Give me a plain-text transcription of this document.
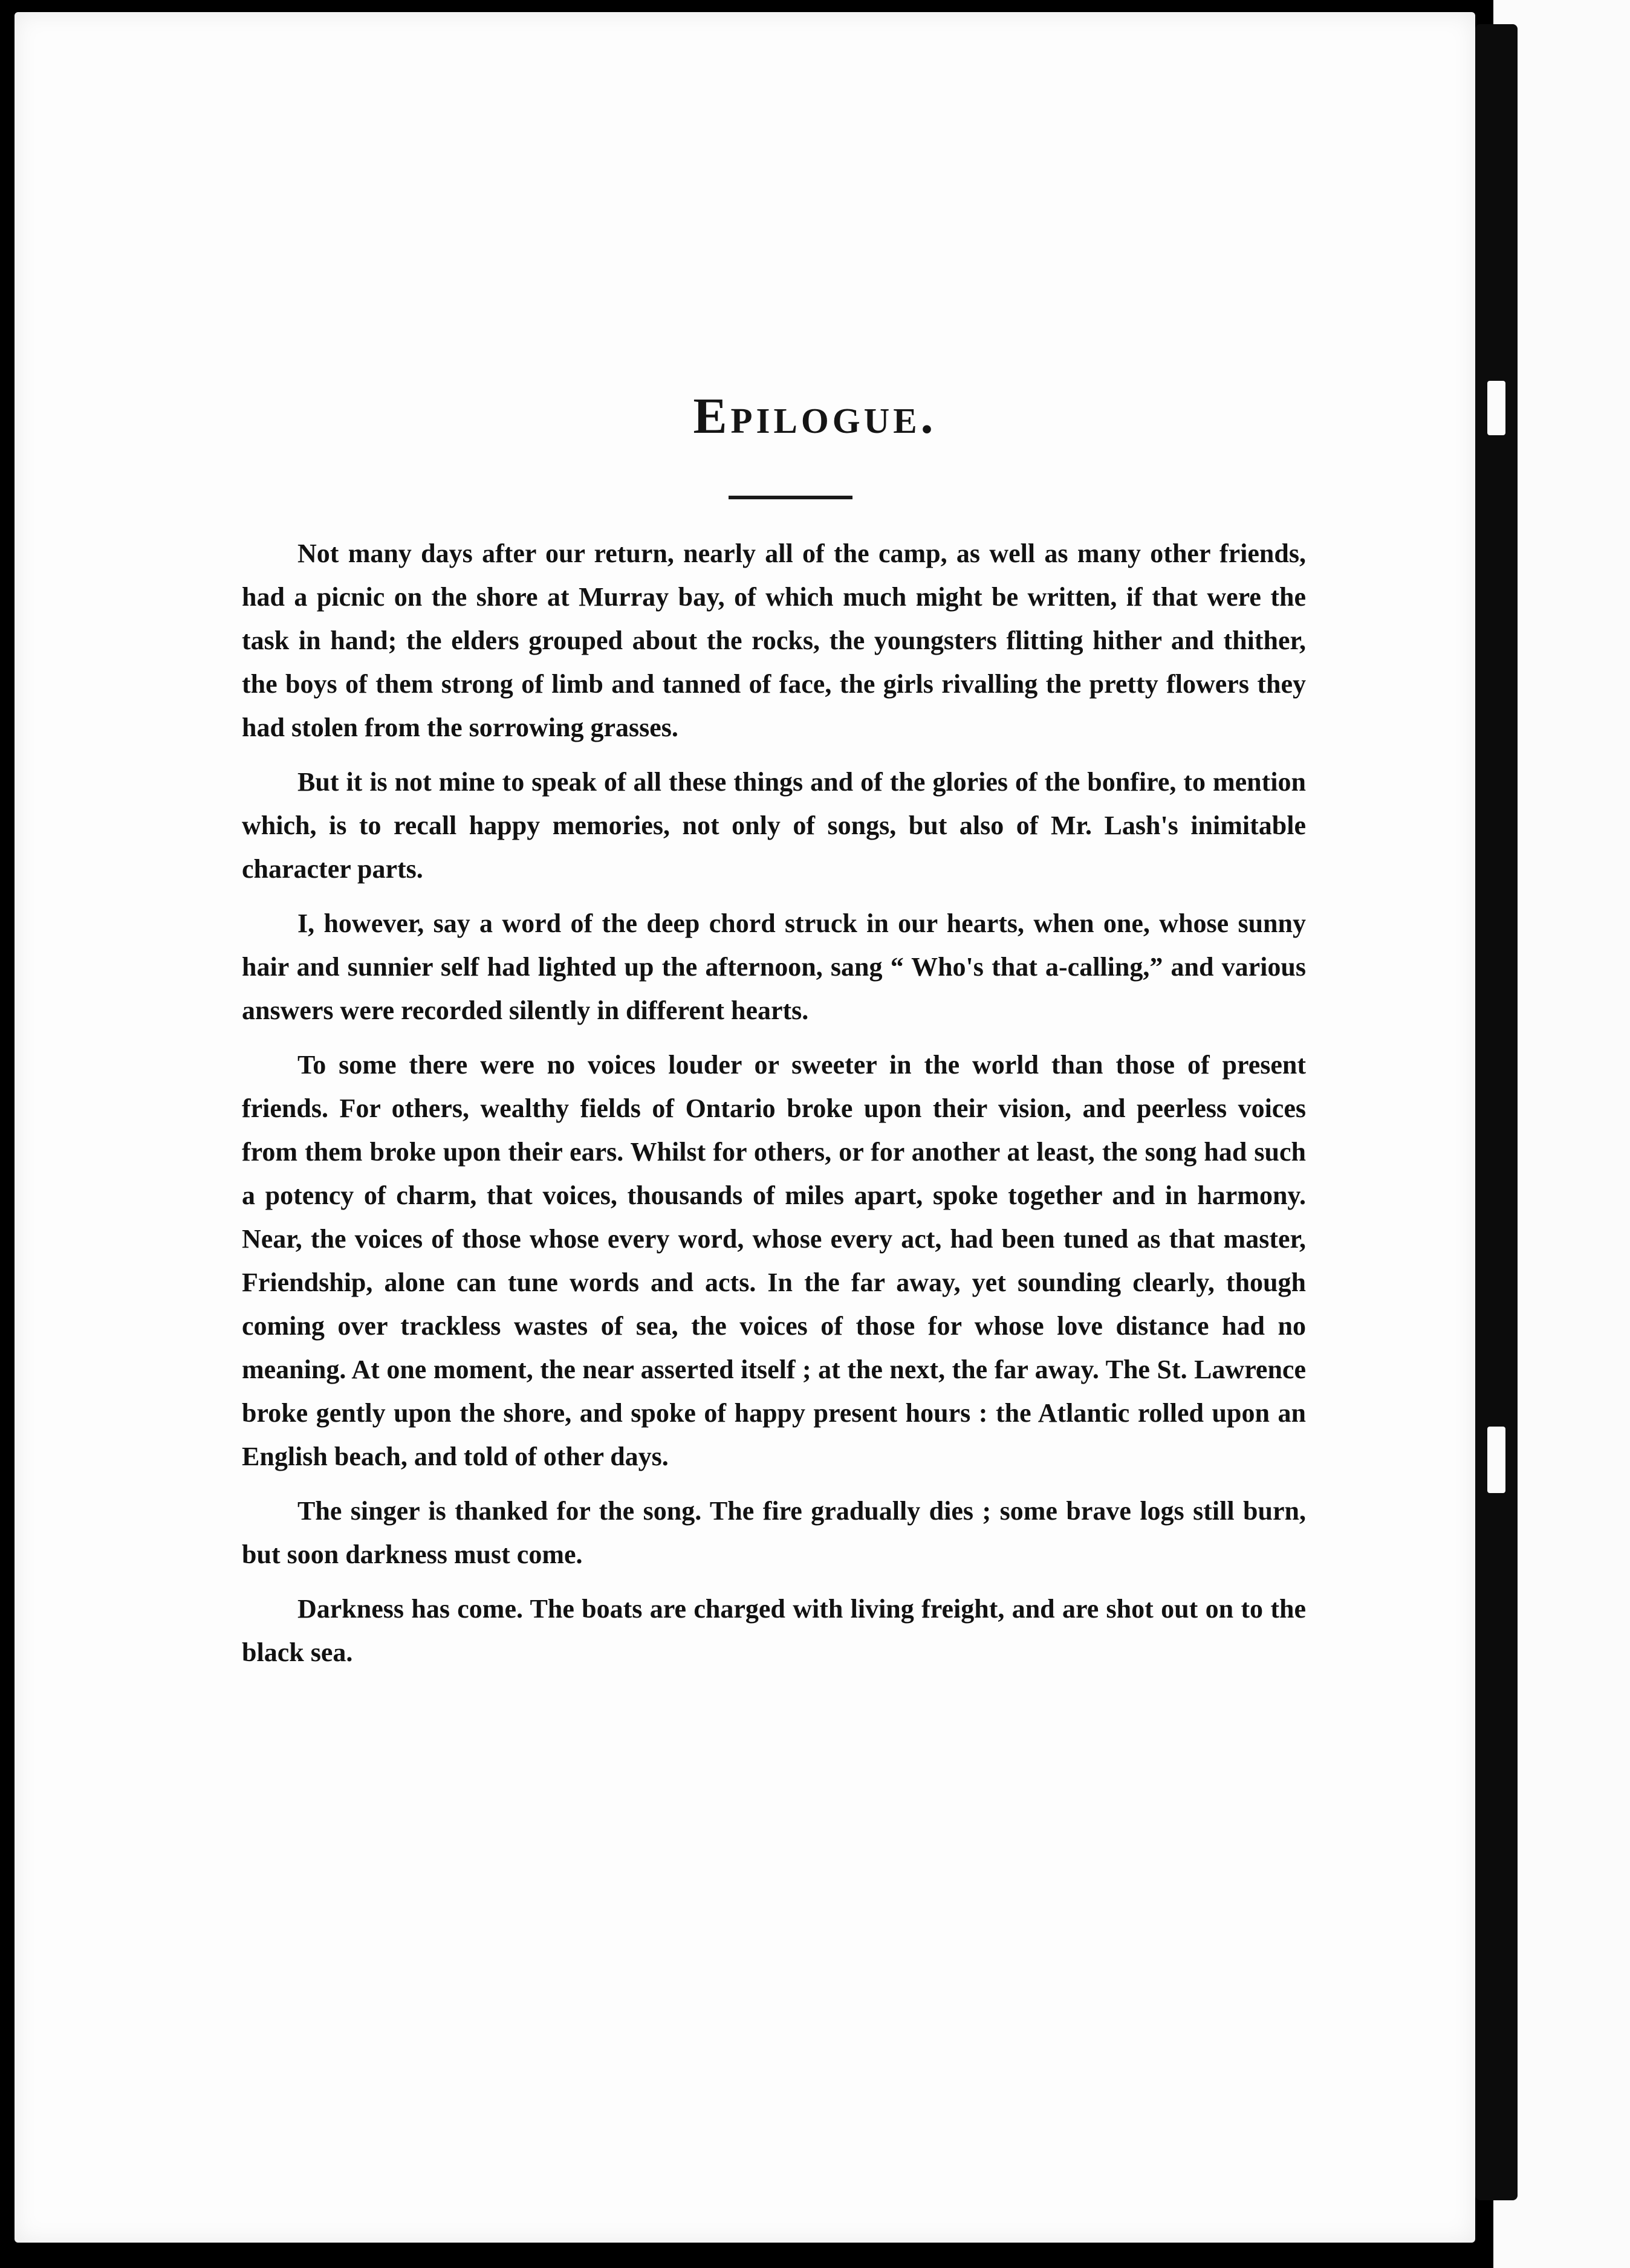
Epilogue.

Not many days after our return, nearly all of the camp, as well as many other friends, had a picnic on the shore at Murray bay, of which much might be written, if that were the task in hand; the elders grouped about the rocks, the youngsters flitting hither and thither, the boys of them strong of limb and tanned of face, the girls rivalling the pretty flowers they had stolen from the sorrowing grasses.

But it is not mine to speak of all these things and of the glories of the bonfire, to mention which, is to recall happy memories, not only of songs, but also of Mr. Lash's inimitable character parts.

I, however, say a word of the deep chord struck in our hearts, when one, whose sunny hair and sunnier self had lighted up the afternoon, sang “ Who's that a-calling,” and various answers were recorded silently in different hearts.

To some there were no voices louder or sweeter in the world than those of present friends. For others, wealthy fields of Ontario broke upon their vision, and peerless voices from them broke upon their ears. Whilst for others, or for another at least, the song had such a potency of charm, that voices, thousands of miles apart, spoke together and in harmony. Near, the voices of those whose every word, whose every act, had been tuned as that master, Friendship, alone can tune words and acts. In the far away, yet sounding clearly, though coming over trackless wastes of sea, the voices of those for whose love distance had no meaning. At one moment, the near asserted itself ; at the next, the far away. The St. Lawrence broke gently upon the shore, and spoke of happy present hours : the Atlantic rolled upon an English beach, and told of other days.

The singer is thanked for the song. The fire gradually dies ; some brave logs still burn, but soon darkness must come.

Darkness has come. The boats are charged with living freight, and are shot out on to the black sea.
